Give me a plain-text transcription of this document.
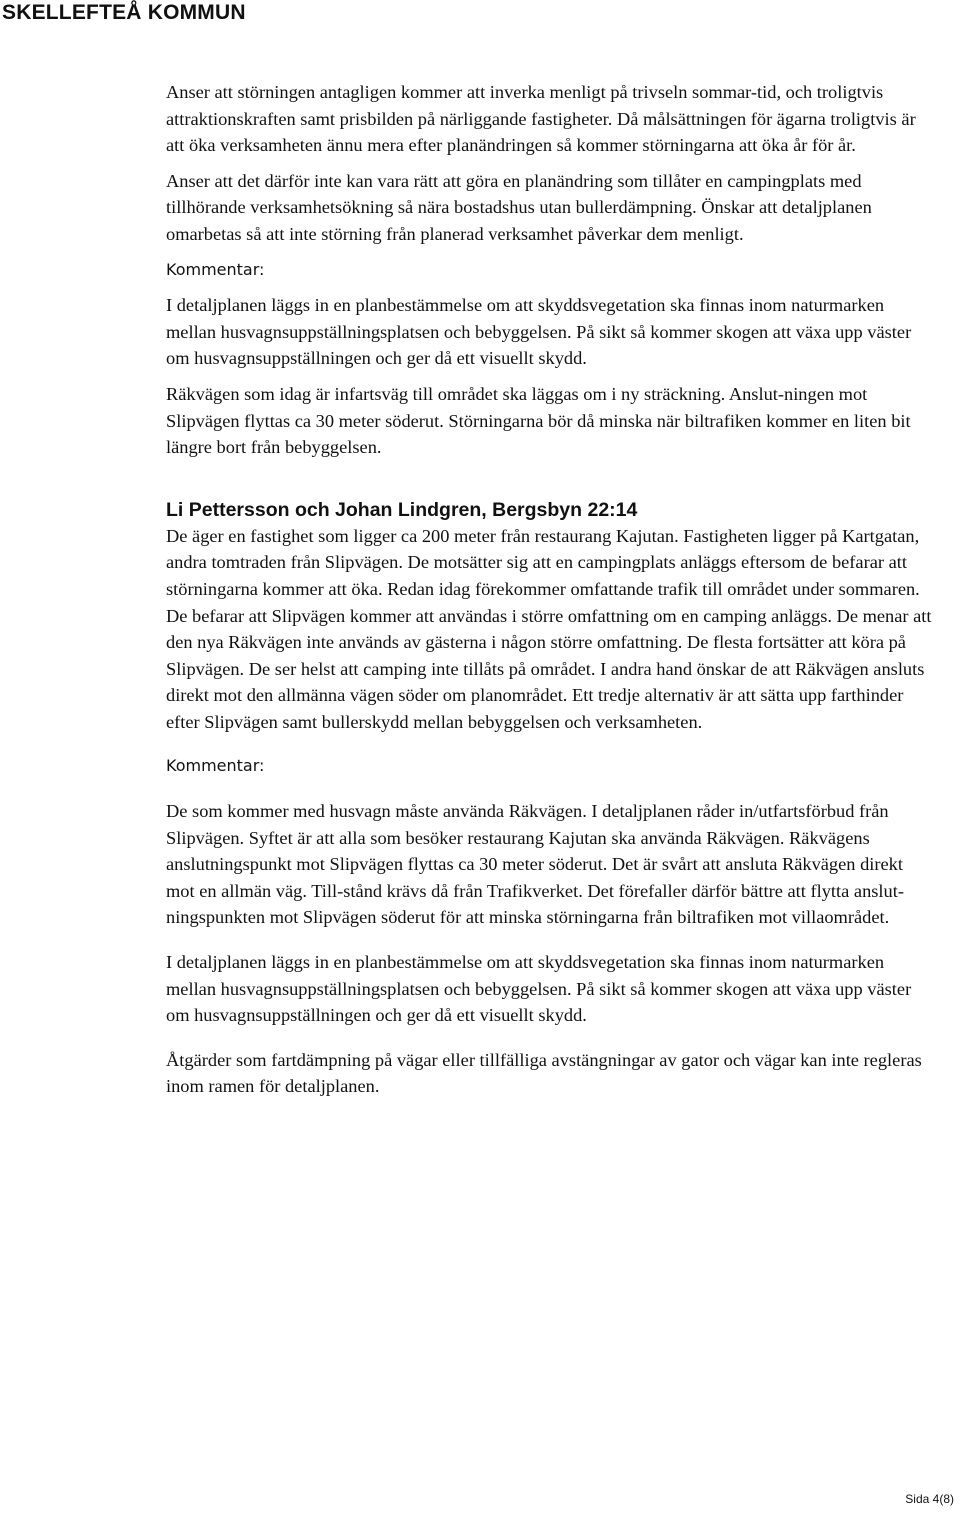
SKELLEFTEÅ KOMMUN

Anser att störningen antagligen kommer att inverka menligt på trivseln sommar-tid, och troligtvis attraktionskraften samt prisbilden på närliggande fastigheter. Då målsättningen för ägarna troligtvis är att öka verksamheten ännu mera efter planändringen så kommer störningarna att öka år för år.

Anser att det därför inte kan vara rätt att göra en planändring som tillåter en campingplats med tillhörande verksamhetsökning så nära bostadshus utan bullerdämpning. Önskar att detaljplanen omarbetas så att inte störning från planerad verksamhet påverkar dem menligt.

Kommentar:

I detaljplanen läggs in en planbestämmelse om att skyddsvegetation ska finnas inom naturmarken mellan husvagnsuppställningsplatsen och bebyggelsen. På sikt så kommer skogen att växa upp väster om husvagnsuppställningen och ger då ett visuellt skydd.

Räkvägen som idag är infartsväg till området ska läggas om i ny sträckning. Anslut-ningen mot Slipvägen flyttas ca 30 meter söderut. Störningarna bör då minska när biltrafiken kommer en liten bit längre bort från bebyggelsen.

Li Pettersson och Johan Lindgren, Bergsbyn 22:14

De äger en fastighet som ligger ca 200 meter från restaurang Kajutan. Fastigheten ligger på Kartgatan, andra tomtraden från Slipvägen. De motsätter sig att en campingplats anläggs eftersom de befarar att störningarna kommer att öka. Redan idag förekommer omfattande trafik till området under sommaren. De befarar att Slipvägen kommer att användas i större omfattning om en camping anläggs. De menar att den nya Räkvägen inte används av gästerna i någon större omfattning. De flesta fortsätter att köra på Slipvägen. De ser helst att camping inte tillåts på området. I andra hand önskar de att Räkvägen ansluts direkt mot den allmänna vägen söder om planområdet. Ett tredje alternativ är att sätta upp farthinder efter Slipvägen samt bullerskydd mellan bebyggelsen och verksamheten.

Kommentar:

De som kommer med husvagn måste använda Räkvägen. I detaljplanen råder in/utfartsförbud från Slipvägen. Syftet är att alla som besöker restaurang Kajutan ska använda Räkvägen. Räkvägens anslutningspunkt mot Slipvägen flyttas ca 30 meter söderut. Det är svårt att ansluta Räkvägen direkt mot en allmän väg. Till-stånd krävs då från Trafikverket. Det förefaller därför bättre att flytta anslut-ningspunkten mot Slipvägen söderut för att minska störningarna från biltrafiken mot villaområdet.

I detaljplanen läggs in en planbestämmelse om att skyddsvegetation ska finnas inom naturmarken mellan husvagnsuppställningsplatsen och bebyggelsen. På sikt så kommer skogen att växa upp väster om husvagnsuppställningen och ger då ett visuellt skydd.

Åtgärder som fartdämpning på vägar eller tillfälliga avstängningar av gator och vägar kan inte regleras inom ramen för detaljplanen.

Sida 4(8)
